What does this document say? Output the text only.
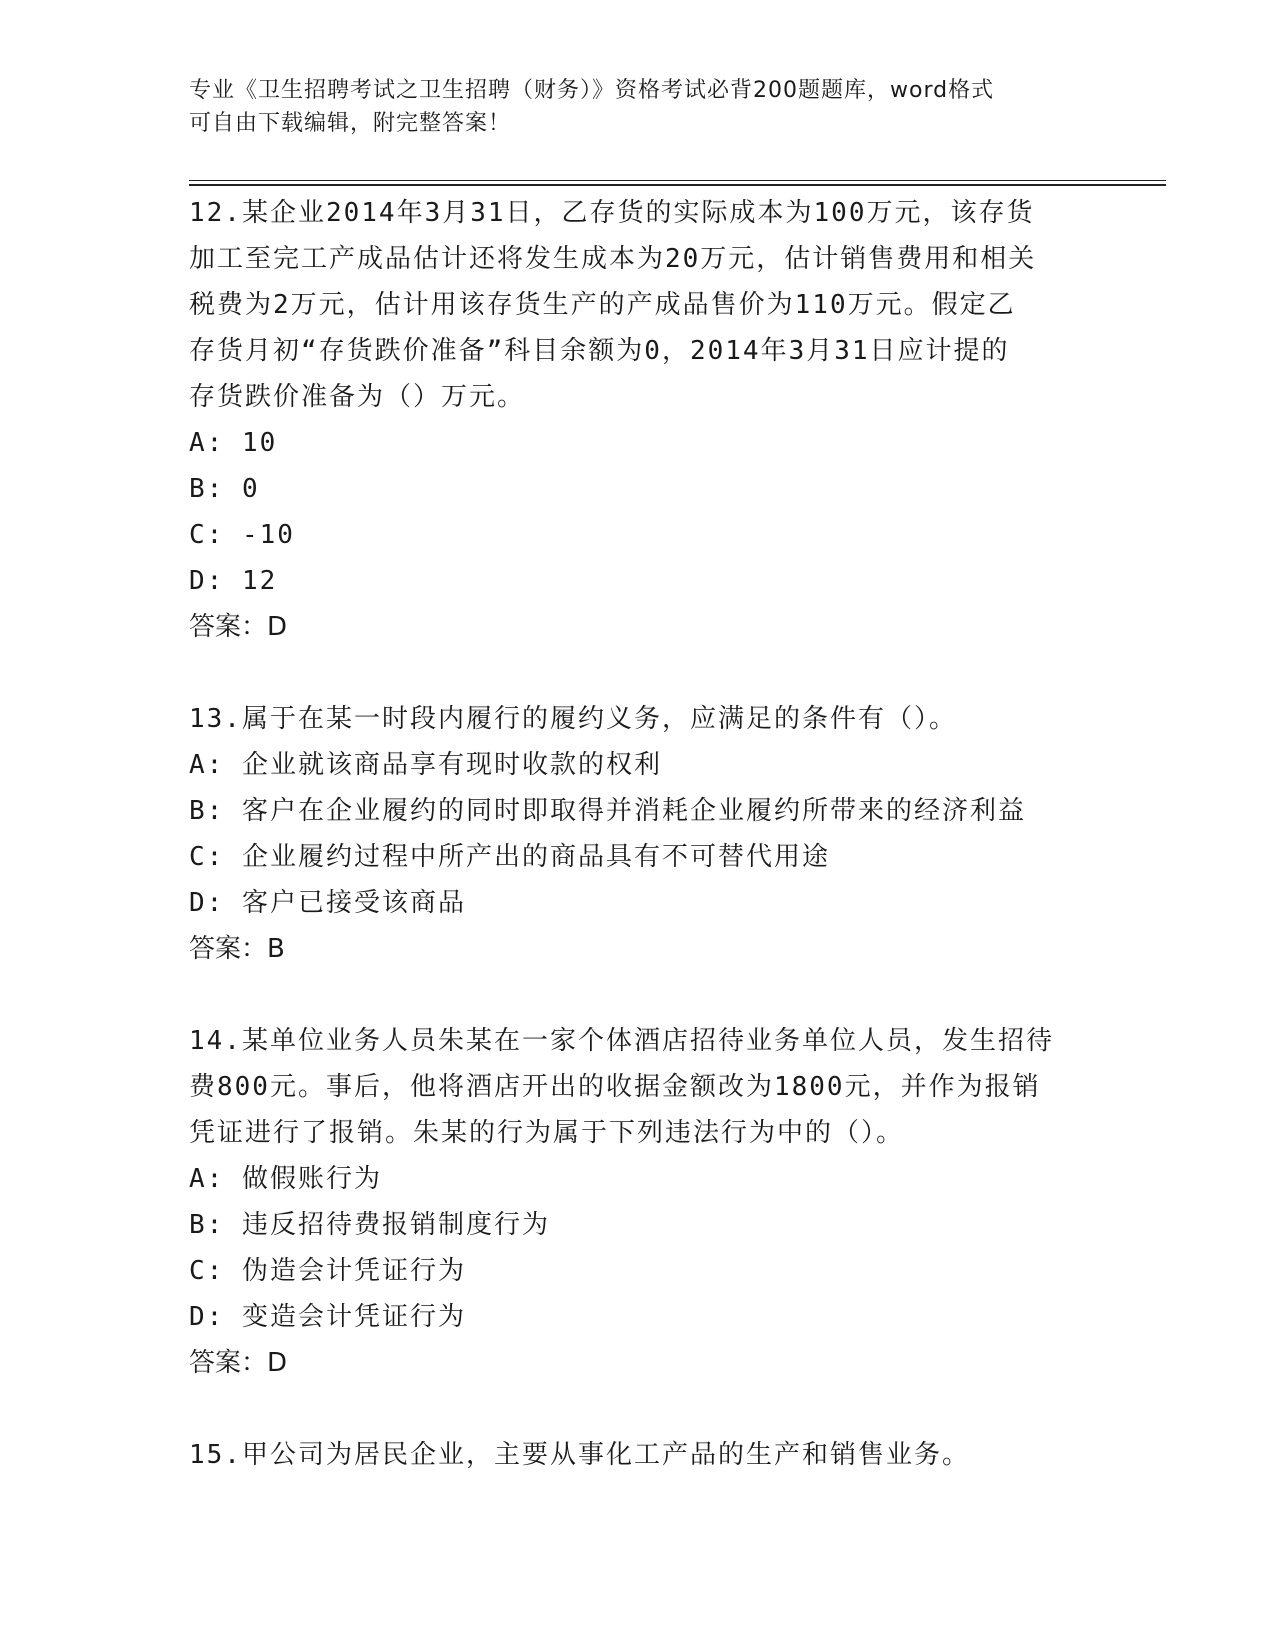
专业《卫生招聘考试之卫生招聘（财务）》资格考试必背200题题库，word格式
可自由下载编辑，附完整答案！
12.某企业2014年3月31日，乙存货的实际成本为100万元，该存货
加工至完工产成品估计还将发生成本为20万元，估计销售费用和相关
税费为2万元，估计用该存货生产的产成品售价为110万元。假定乙
存货月初“存货跌价准备”科目余额为0，2014年3月31日应计提的
存货跌价准备为（）万元。
A: 10
B: 0
C: -10
D: 12
答案：D
13.属于在某一时段内履行的履约义务，应满足的条件有（）。
A: 企业就该商品享有现时收款的权利
B: 客户在企业履约的同时即取得并消耗企业履约所带来的经济利益
C: 企业履约过程中所产出的商品具有不可替代用途
D: 客户已接受该商品
答案：B
14.某单位业务人员朱某在一家个体酒店招待业务单位人员，发生招待
费800元。事后，他将酒店开出的收据金额改为1800元，并作为报销
凭证进行了报销。朱某的行为属于下列违法行为中的（）。
A: 做假账行为
B: 违反招待费报销制度行为
C: 伪造会计凭证行为
D: 变造会计凭证行为
答案：D
15.甲公司为居民企业，主要从事化工产品的生产和销售业务。
